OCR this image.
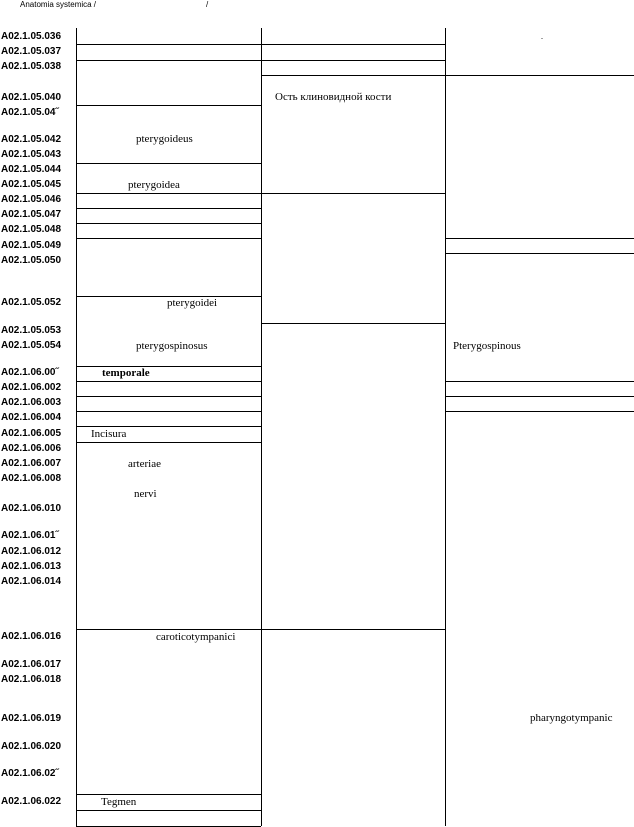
Anatomia systemica /	/
A02.1.05.036
A02.1.05.037
A02.1.05.038
A02.1.05.040
A02.1.05.04˝
A02.1.05.042
A02.1.05.043
A02.1.05.044
A02.1.05.045
A02.1.05.046
A02.1.05.047
A02.1.05.048
A02.1.05.049
A02.1.05.050
A02.1.05.052
A02.1.05.053
A02.1.05.054
A02.1.06.00˝
A02.1.06.002
A02.1.06.003
A02.1.06.004
A02.1.06.005
A02.1.06.006
A02.1.06.007
A02.1.06.008
A02.1.06.010
A02.1.06.01˝
A02.1.06.012
A02.1.06.013
A02.1.06.014
A02.1.06.016
A02.1.06.017
A02.1.06.018
A02.1.06.019
A02.1.06.020
A02.1.06.02˝
A02.1.06.022
pterygoideus
pterygoidea
pterygoidei
pterygospinosus
temporale
Incisura
arteriae
nervi
caroticotympanici
Tegmen
Ость клиновидной кости
.
Pterygospinous
pharyngotympanic
